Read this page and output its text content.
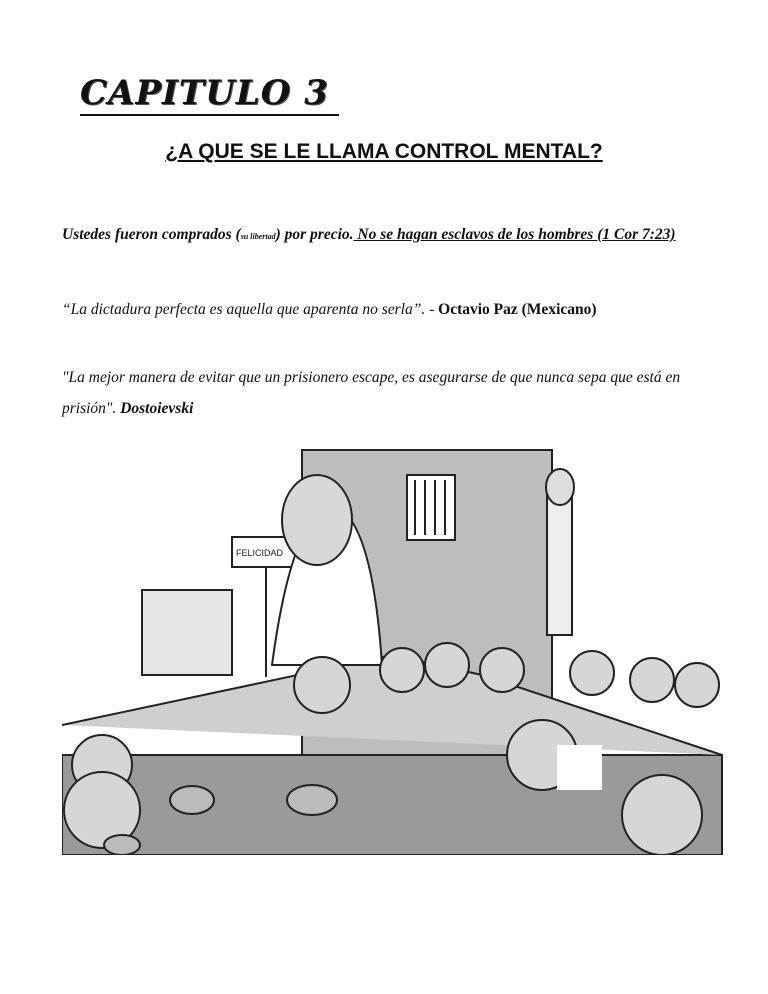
CAPITULO 3
¿A QUE SE LE LLAMA CONTROL MENTAL?
Ustedes fueron comprados (su libertad) por precio. No se hagan esclavos de los hombres (1 Cor 7:23)
“La dictadura perfecta es aquella que aparenta no serla”. - Octavio Paz (Mexicano)
"La mejor manera de evitar que un prisionero escape, es asegurarse de que nunca sepa que está en prisión". Dostoievski
FELICIDAD
